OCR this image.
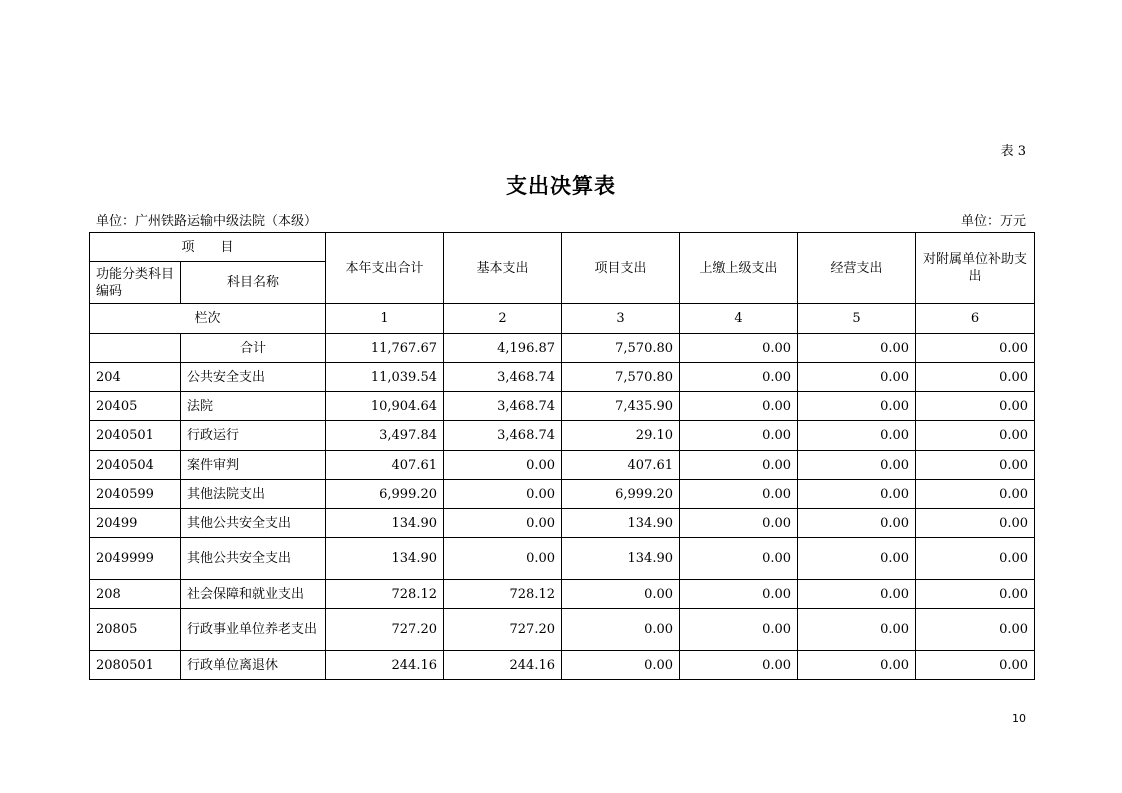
表 3
支出决算表
单位：广州铁路运输中级法院（本级）	单位：万元
项　　目		本年支出合计	基本支出	项目支出	上缴上级支出	经营支出	对附属单位补助支出
功能分类科目编码	科目名称						
栏次		1	2	3	4	5	6
	合计	11,767.67	4,196.87	7,570.80	0.00	0.00	0.00
204	公共安全支出	11,039.54	3,468.74	7,570.80	0.00	0.00	0.00
20405	法院	10,904.64	3,468.74	7,435.90	0.00	0.00	0.00
2040501	行政运行	3,497.84	3,468.74	29.10	0.00	0.00	0.00
2040504	案件审判	407.61	0.00	407.61	0.00	0.00	0.00
2040599	其他法院支出	6,999.20	0.00	6,999.20	0.00	0.00	0.00
20499	其他公共安全支出	134.90	0.00	134.90	0.00	0.00	0.00
2049999	其他公共安全支出	134.90	0.00	134.90	0.00	0.00	0.00
208	社会保障和就业支出	728.12	728.12	0.00	0.00	0.00	0.00
20805	行政事业单位养老支出	727.20	727.20	0.00	0.00	0.00	0.00
2080501	行政单位离退休	244.16	244.16	0.00	0.00	0.00	0.00
10
